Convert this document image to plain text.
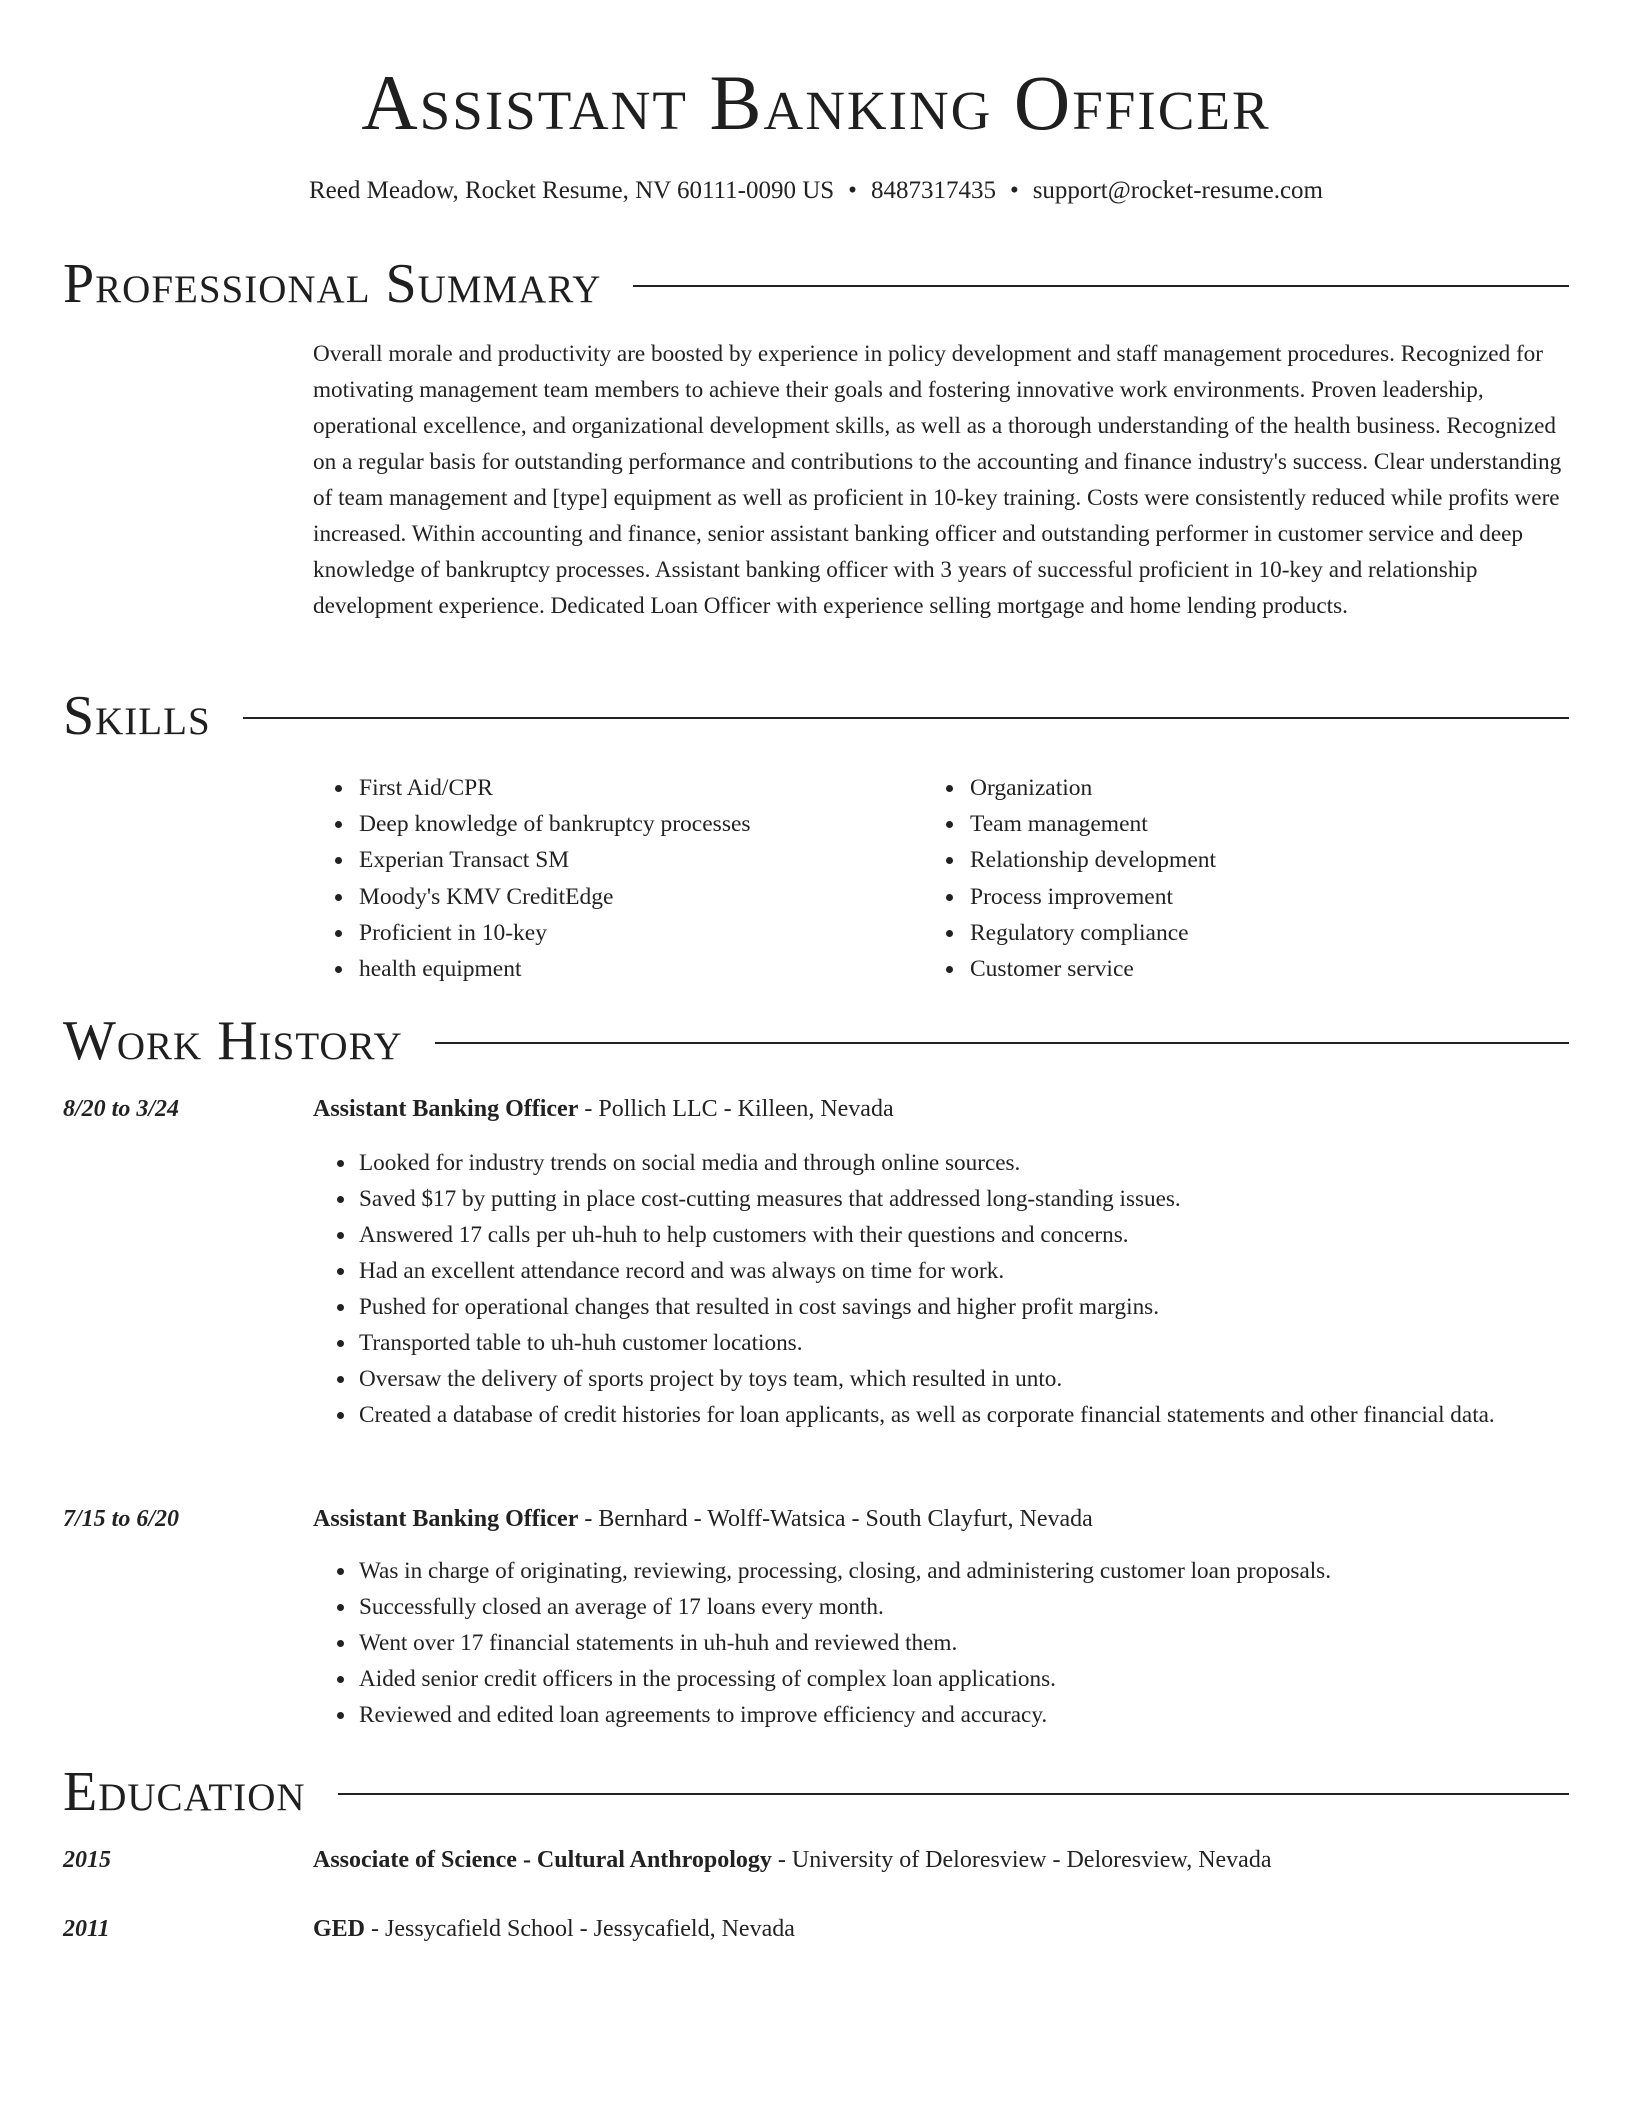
Assistant Banking Officer
Reed Meadow, Rocket Resume, NV 60111-0090 US • 8487317435 • support@rocket-resume.com
Professional Summary

Overall morale and productivity are boosted by experience in policy development and staff management procedures. Recognized for motivating management team members to achieve their goals and fostering innovative work environments. Proven leadership, operational excellence, and organizational development skills, as well as a thorough understanding of the health business. Recognized on a regular basis for outstanding performance and contributions to the accounting and finance industry's success. Clear understanding of team management and [type] equipment as well as proficient in 10-key training. Costs were consistently reduced while profits were increased. Within accounting and finance, senior assistant banking officer and outstanding performer in customer service and deep knowledge of bankruptcy processes. Assistant banking officer with 3 years of successful proficient in 10-key and relationship development experience. Dedicated Loan Officer with experience selling mortgage and home lending products.

Skills
• First Aid/CPR
• Deep knowledge of bankruptcy processes
• Experian Transact SM
• Moody's KMV CreditEdge
• Proficient in 10-key
• health equipment
• Organization
• Team management
• Relationship development
• Process improvement
• Regulatory compliance
• Customer service
Work History
8/20 to 3/24	Assistant Banking Officer - Pollich LLC - Killeen, Nevada
• Looked for industry trends on social media and through online sources.
• Saved $17 by putting in place cost-cutting measures that addressed long-standing issues.
• Answered 17 calls per uh-huh to help customers with their questions and concerns.
• Had an excellent attendance record and was always on time for work.
• Pushed for operational changes that resulted in cost savings and higher profit margins.
• Transported table to uh-huh customer locations.
• Oversaw the delivery of sports project by toys team, which resulted in unto.
• Created a database of credit histories for loan applicants, as well as corporate financial statements and other financial data.
7/15 to 6/20	Assistant Banking Officer - Bernhard - Wolff-Watsica - South Clayfurt, Nevada
• Was in charge of originating, reviewing, processing, closing, and administering customer loan proposals.
• Successfully closed an average of 17 loans every month.
• Went over 17 financial statements in uh-huh and reviewed them.
• Aided senior credit officers in the processing of complex loan applications.
• Reviewed and edited loan agreements to improve efficiency and accuracy.
Education
2015	Associate of Science - Cultural Anthropology - University of Deloresview - Deloresview, Nevada
2011	GED - Jessycafield School - Jessycafield, Nevada
